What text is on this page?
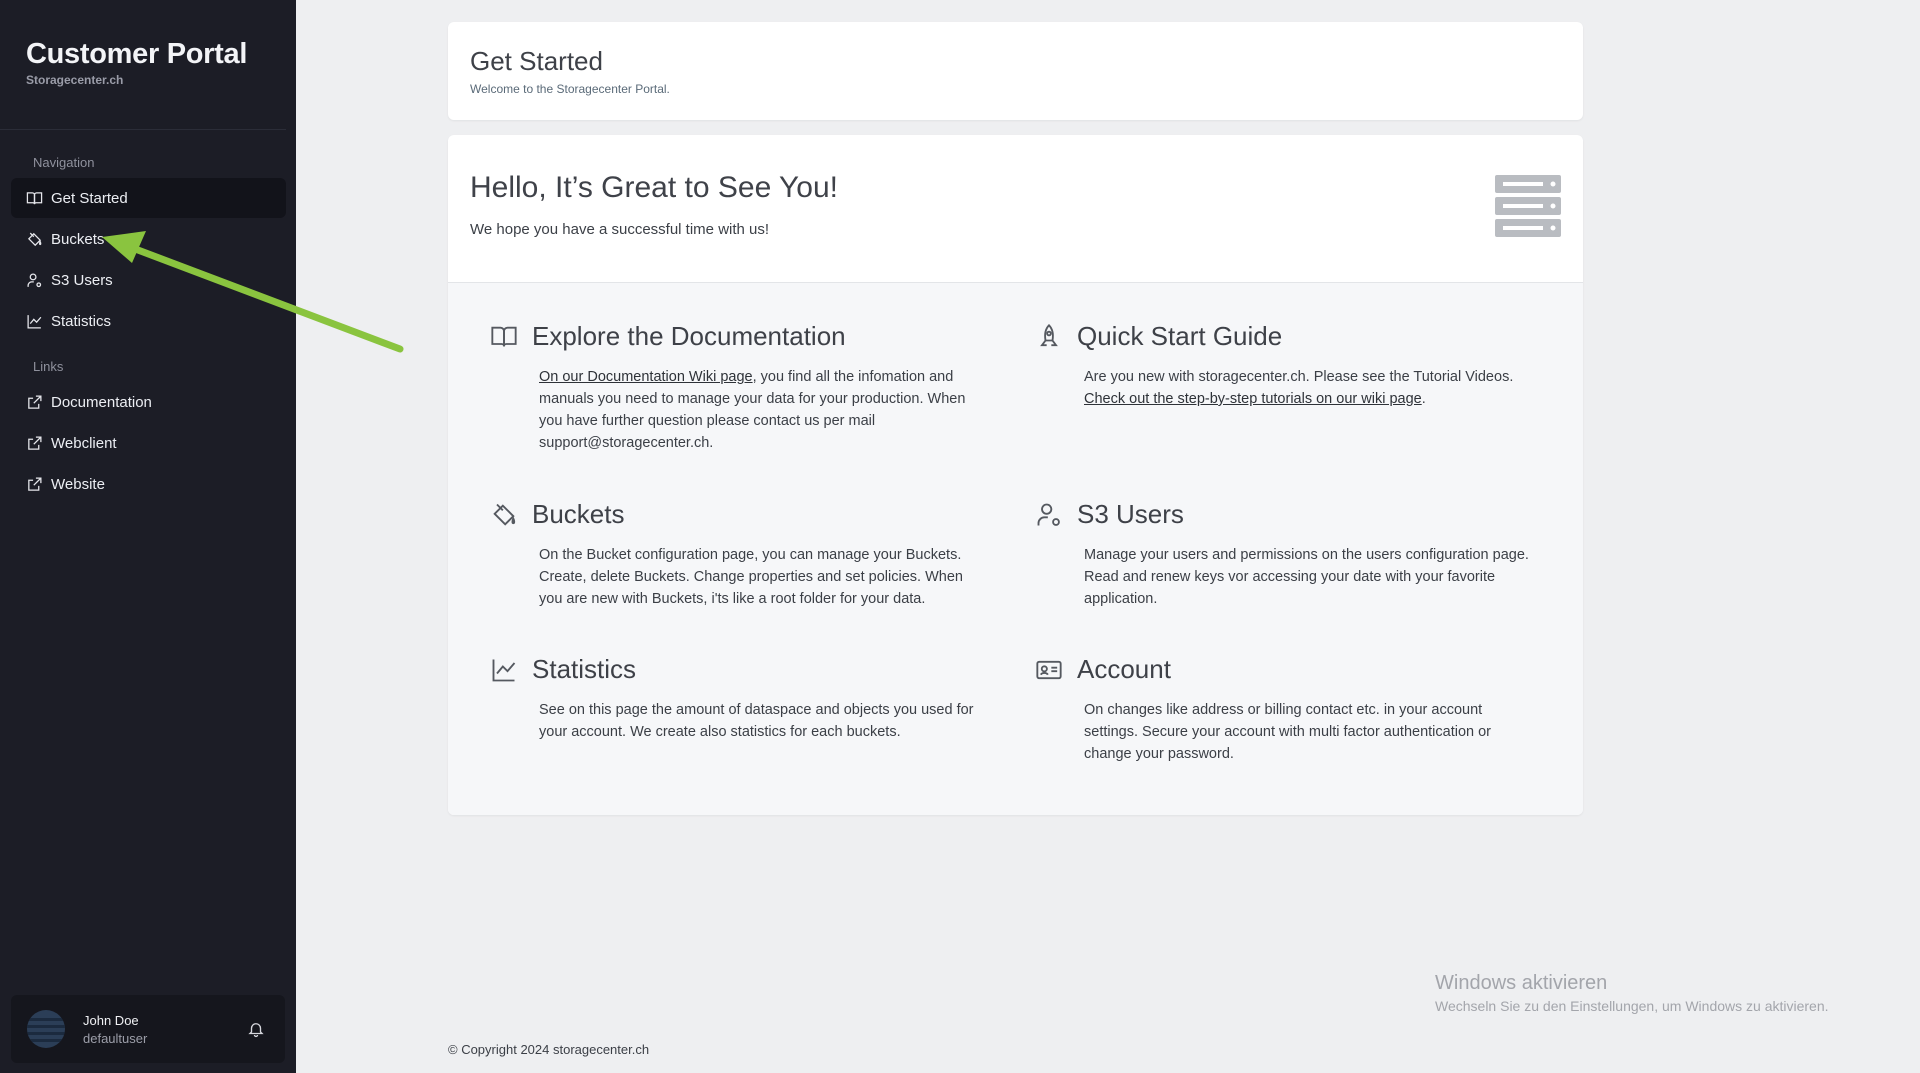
Customer Portal
Storagecenter.ch
Navigation
Get Started
Buckets
S3 Users
Statistics
Links
Documentation
Webclient
Website
John Doe
defaultuser
Get Started
Welcome to the Storagecenter Portal.
Hello, It’s Great to See You!
We hope you have a successful time with us!
Explore the Documentation
On our Documentation Wiki page, you find all the infomation and manuals you need to manage your data for your production. When you have further question please contact us per mail support@storagecenter.ch.
Quick Start Guide
Are you new with storagecenter.ch. Please see the Tutorial Videos.
Check out the step-by-step tutorials on our wiki page.
Buckets
On the Bucket configuration page, you can manage your Buckets. Create, delete Buckets. Change properties and set policies. When you are new with Buckets, i'ts like a root folder for your data.
S3 Users
Manage your users and permissions on the users configuration page. Read and renew keys vor accessing your date with your favorite application.
Statistics
See on this page the amount of dataspace and objects you used for your account. We create also statistics for each buckets.
Account
On changes like address or billing contact etc. in your account settings. Secure your account with multi factor authentication or change your password.
© Copyright 2024 storagecenter.ch
Windows aktivieren
Wechseln Sie zu den Einstellungen, um Windows zu aktivieren.
